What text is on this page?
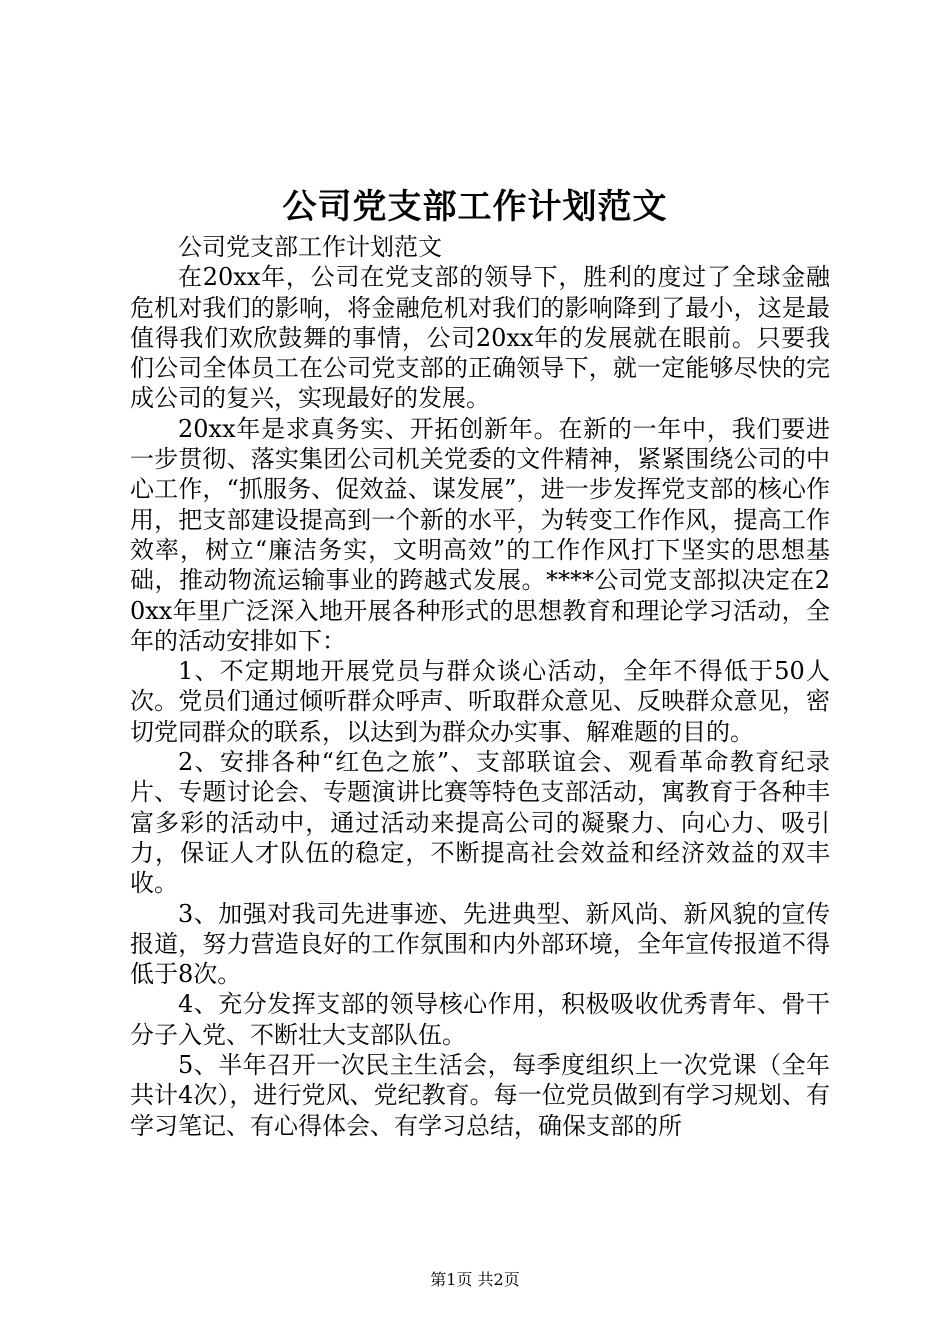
公司党支部工作计划范文

公司党支部工作计划范文

在20xx年，公司在党支部的领导下，胜利的度过了全球金融危机对我们的影响，将金融危机对我们的影响降到了最小，这是最值得我们欢欣鼓舞的事情，公司20xx年的发展就在眼前。只要我们公司全体员工在公司党支部的正确领导下，就一定能够尽快的完成公司的复兴，实现最好的发展。

20xx年是求真务实、开拓创新年。在新的一年中，我们要进一步贯彻、落实集团公司机关党委的文件精神，紧紧围绕公司的中心工作，“抓服务、促效益、谋发展”，进一步发挥党支部的核心作用，把支部建设提高到一个新的水平，为转变工作作风，提高工作效率，树立“廉洁务实，文明高效”的工作作风打下坚实的思想基础，推动物流运输事业的跨越式发展。****公司党支部拟决定在20xx年里广泛深入地开展各种形式的思想教育和理论学习活动，全年的活动安排如下：

1、不定期地开展党员与群众谈心活动，全年不得低于50人次。党员们通过倾听群众呼声、听取群众意见、反映群众意见，密切党同群众的联系，以达到为群众办实事、解难题的目的。

2、安排各种“红色之旅”、支部联谊会、观看革命教育纪录片、专题讨论会、专题演讲比赛等特色支部活动，寓教育于各种丰富多彩的活动中，通过活动来提高公司的凝聚力、向心力、吸引力，保证人才队伍的稳定，不断提高社会效益和经济效益的双丰收。

3、加强对我司先进事迹、先进典型、新风尚、新风貌的宣传报道，努力营造良好的工作氛围和内外部环境，全年宣传报道不得低于8次。

4、充分发挥支部的领导核心作用，积极吸收优秀青年、骨干分子入党、不断壮大支部队伍。

5、半年召开一次民主生活会，每季度组织上一次党课（全年共计4次），进行党风、党纪教育。每一位党员做到有学习规划、有学习笔记、有心得体会、有学习总结，确保支部的所

第1页 共2页
